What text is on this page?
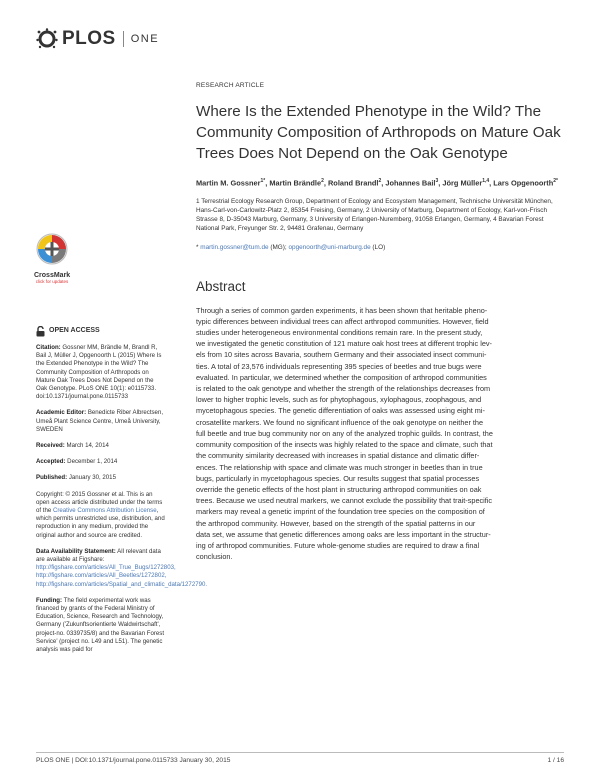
PLOS ONE
CrossMark
click for updates
OPEN ACCESS

Citation: Gossner MM, Brändle M, Brandl R, Bail J, Müller J, Opgenoorth L (2015) Where Is the Extended Phenotype in the Wild? The Community Composition of Arthropods on Mature Oak Trees Does Not Depend on the Oak Genotype. PLoS ONE 10(1): e0115733. doi:10.1371/journal.pone.0115733

Academic Editor: Benedicte Riber Albrectsen, Umeå Plant Science Centre, Umeå University, SWEDEN

Received: March 14, 2014

Accepted: December 1, 2014

Published: January 30, 2015

Copyright: © 2015 Gossner et al. This is an open access article distributed under the terms of the Creative Commons Attribution License, which permits unrestricted use, distribution, and reproduction in any medium, provided the original author and source are credited.

Data Availability Statement: All relevant data are available at Figshare: http://figshare.com/articles/All_True_Bugs/1272803, http://figshare.com/articles/All_Beetles/1272802, http://figshare.com/articles/Spatial_and_climatic_data/1272790.

Funding: The field experimental work was financed by grants of the Federal Ministry of Education, Science, Research and Technology, Germany ('Zukunftsorientierte Waldwirtschaft', project-no. 0339735/8) and the Bavarian Forest Service' (project no. L49 and L51). The genetic analysis was paid for

RESEARCH ARTICLE
Where Is the Extended Phenotype in the Wild? The Community Composition of Arthropods on Mature Oak Trees Does Not Depend on the Oak Genotype
Martin M. Gossner$^{1*}$, Martin Brändle$^2$, Roland Brandl$^2$, Johannes Bail$^3$, Jörg Müller$^{1,4}$, Lars Opgenoorth$^{2*}$
1 Terrestrial Ecology Research Group, Department of Ecology and Ecosystem Management, Technische Universität München, Hans-Carl-von-Carlowitz-Platz 2, 85354 Freising, Germany, 2 University of Marburg, Department of Ecology, Karl-von-Frisch Strasse 8, D-35043 Marburg, Germany, 3 University of Erlangen-Nuremberg, 91058 Erlangen, Germany, 4 Bavarian Forest National Park, Freyunger Str. 2, 94481 Grafenau, Germany
* martin.gossner@tum.de (MG); opgenoorth@uni-marburg.de (LO)
Abstract
Through a series of common garden experiments, it has been shown that heritable pheno-
typic differences between individual trees can affect arthropod communities. However, field
studies under heterogeneous environmental conditions remain rare. In the present study,
we investigated the genetic constitution of 121 mature oak host trees at different trophic lev-
els from 10 sites across Bavaria, southern Germany and their associated insect communi-
ties. A total of 23,576 individuals representing 395 species of beetles and true bugs were
evaluated. In particular, we determined whether the composition of arthropod communities
is related to the oak genotype and whether the strength of the relationships decreases from
lower to higher trophic levels, such as for phytophagous, xylophagous, zoophagous, and
mycetophagous species. The genetic differentiation of oaks was assessed using eight mi-
crosatellite markers. We found no significant influence of the oak genotype on neither the
full beetle and true bug community nor on any of the analyzed trophic guilds. In contrast, the
community composition of the insects was highly related to the space and climate, such that
the community similarity decreased with increases in spatial distance and climatic differ-
ences. The relationship with space and climate was much stronger in beetles than in true
bugs, particularly in mycetophagous species. Our results suggest that spatial processes
override the genetic effects of the host plant in structuring arthropod communities on oak
trees. Because we used neutral markers, we cannot exclude the possibility that trait-specific
markers may reveal a genetic imprint of the foundation tree species on the composition of
the arthropod community. However, based on the strength of the spatial patterns in our
data set, we assume that genetic differences among oaks are less important in the structur-
ing of arthropod communities. Future whole-genome studies are required to draw a final
conclusion.
PLOS ONE | DOI:10.1371/journal.pone.0115733 January 30, 2015	1 / 16
